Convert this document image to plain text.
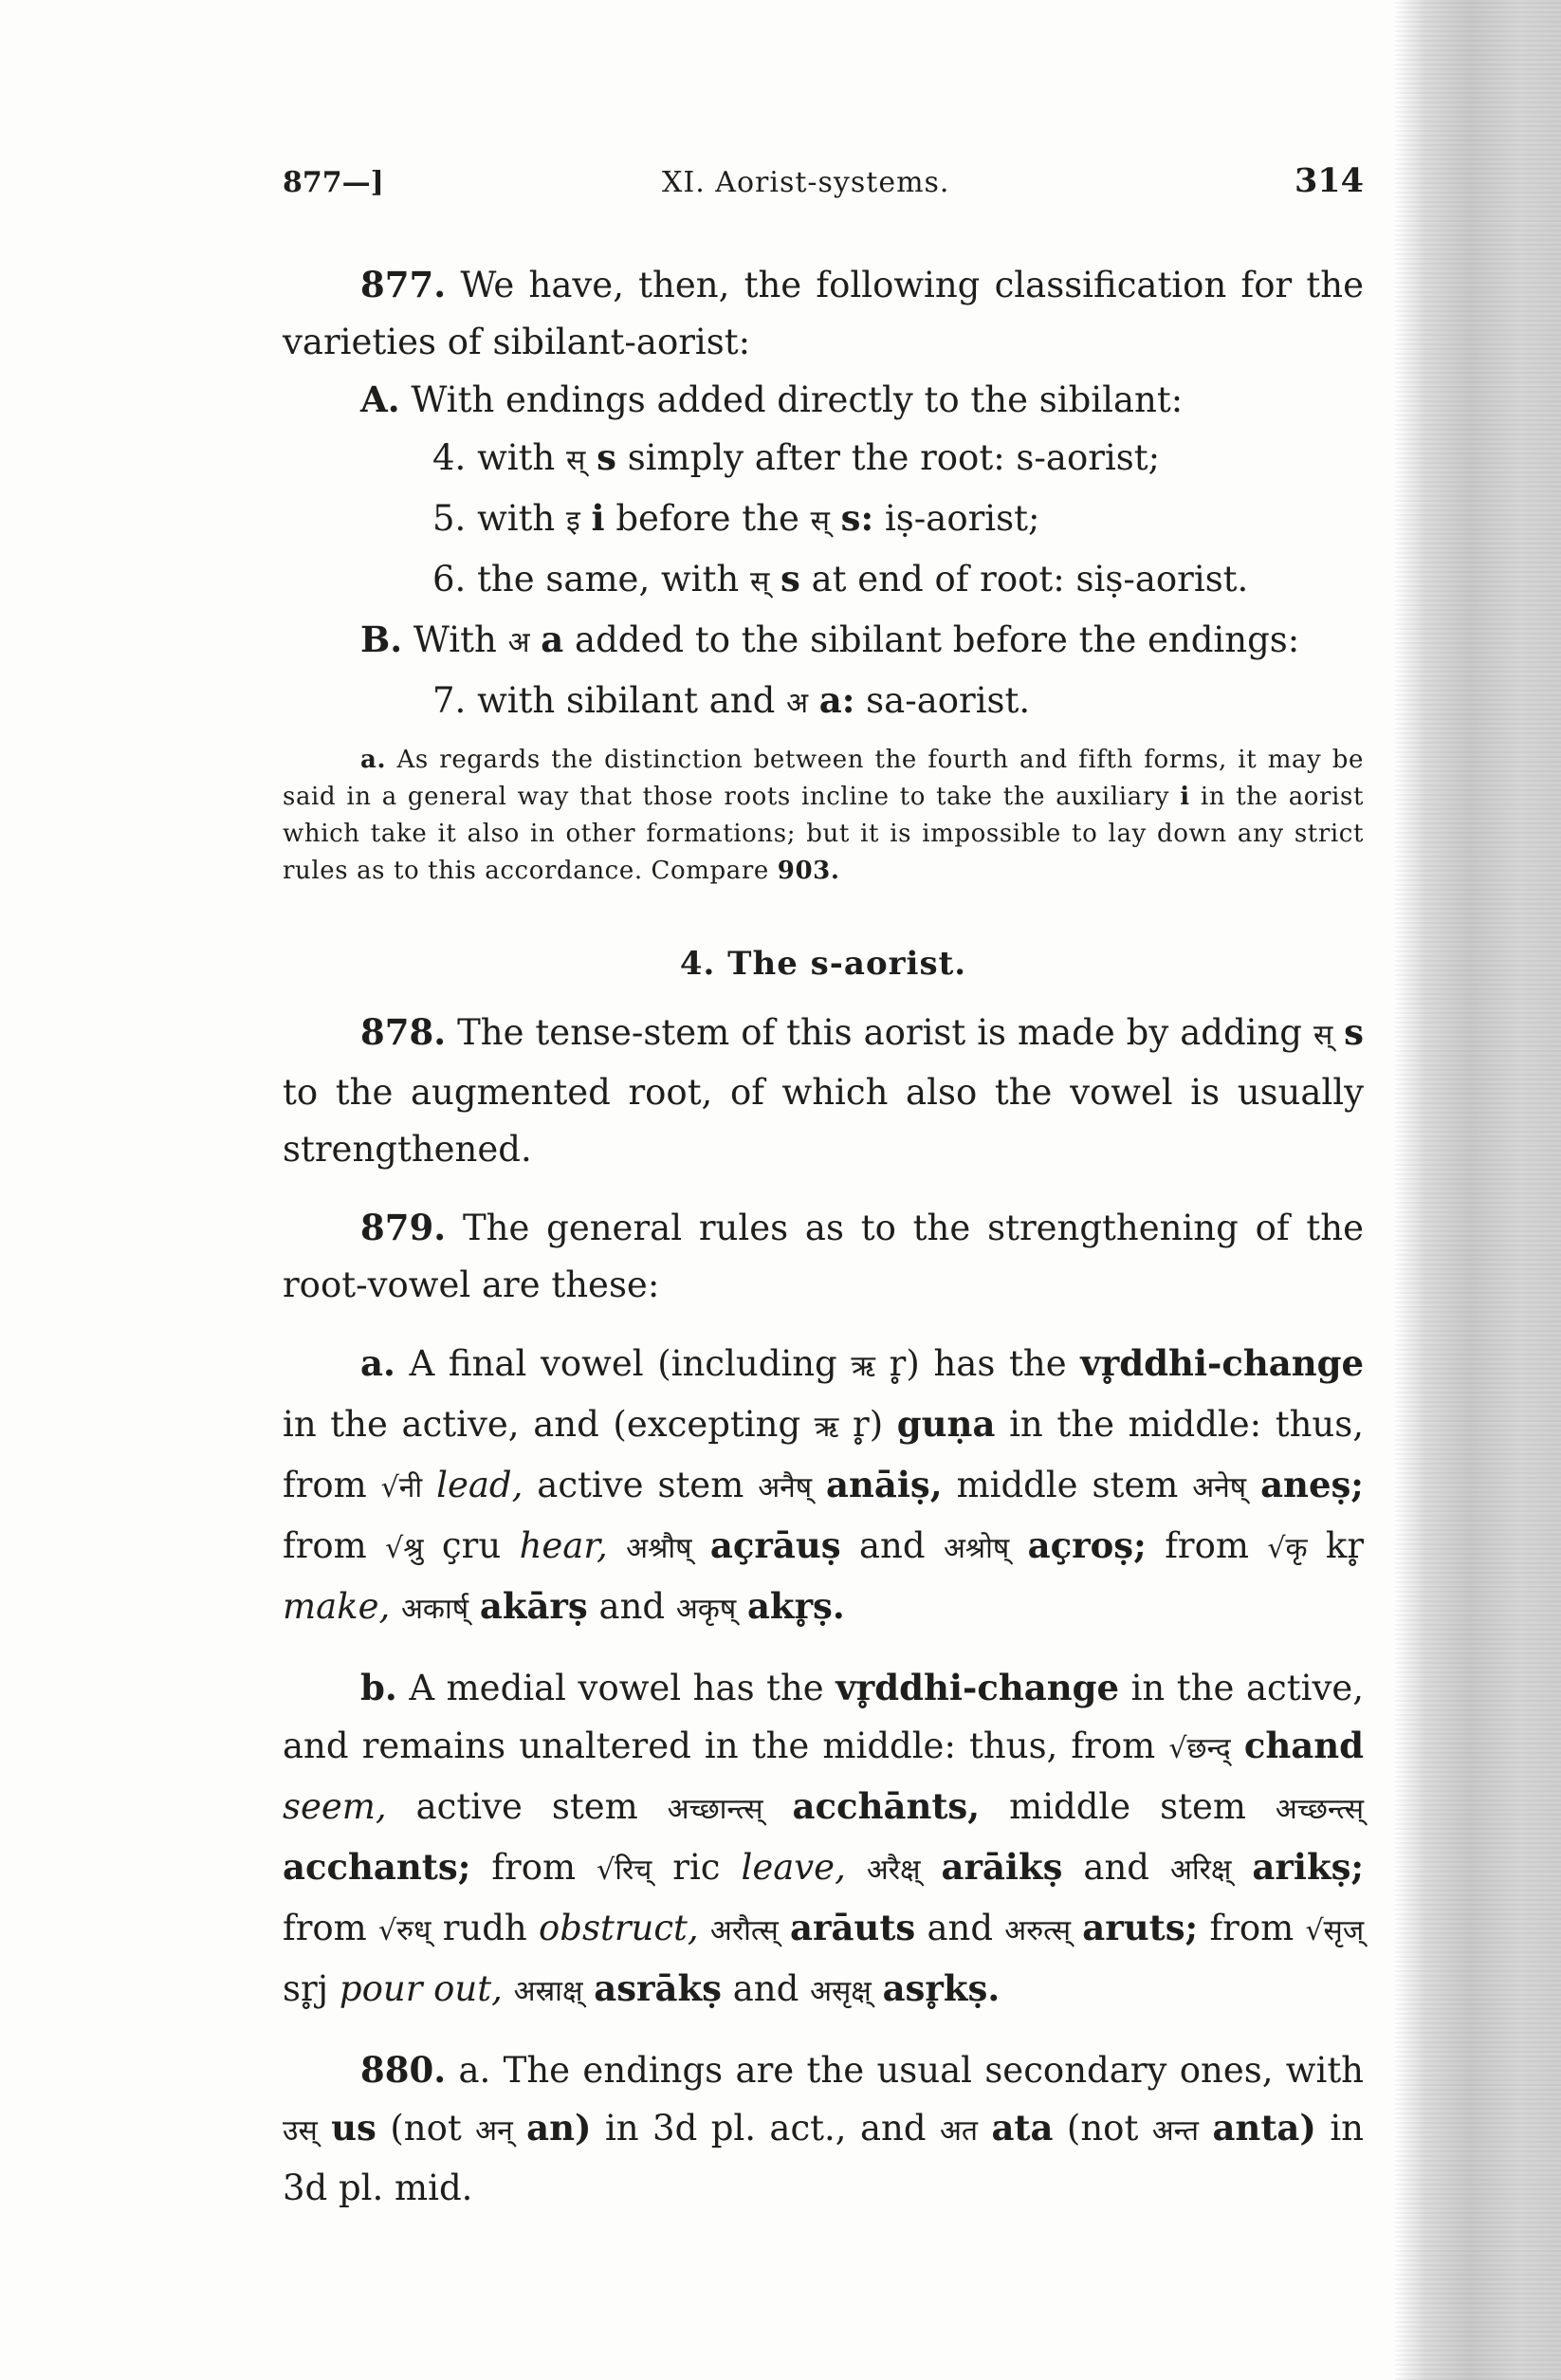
877—]	XI. Aorist-systems.	314

877. We have, then, the following classification for the varieties of sibilant-aorist:

A. With endings added directly to the sibilant:

4. with स् s simply after the root: s-aorist;

5. with इ i before the स् s: iṣ-aorist;

6. the same, with स् s at end of root: siṣ-aorist.

B. With अ a added to the sibilant before the endings:

7. with sibilant and अ a: sa-aorist.

a. As regards the distinction between the fourth and fifth forms, it may be said in a general way that those roots incline to take the auxiliary i in the aorist which take it also in other formations; but it is impossible to lay down any strict rules as to this accordance. Compare 903.

4. The s-aorist.

878. The tense-stem of this aorist is made by adding स् s to the augmented root, of which also the vowel is usually strengthened.

879. The general rules as to the strengthening of the root-vowel are these:

a. A final vowel (including ऋ r̥) has the vr̥ddhi-change in the active, and (excepting ऋ r̥) guṇa in the middle: thus, from √नी lead, active stem अनैष् anāiṣ, middle stem अनेष् aneṣ; from √श्रु çru hear, अश्रौष् açrāuṣ and अश्रोष् açroṣ; from √कृ kr̥ make, अकार्ष् akārṣ and अकृष् akr̥ṣ.

b. A medial vowel has the vr̥ddhi-change in the active, and remains unaltered in the middle: thus, from √छन्द् chand seem, active stem अच्छान्त्स् acchānts, middle stem अच्छन्त्स् acchants; from √रिच् ric leave, अरैक्ष् arāikṣ and अरिक्ष् arikṣ; from √रुध् rudh obstruct, अरौत्स् arāuts and अरुत्स् aruts; from √सृज् sr̥j pour out, अस्राक्ष् asrākṣ and असृक्ष् asr̥kṣ.

880. a. The endings are the usual secondary ones, with उस् us (not अन् an) in 3d pl. act., and अत ata (not अन्त anta) in 3d pl. mid.
